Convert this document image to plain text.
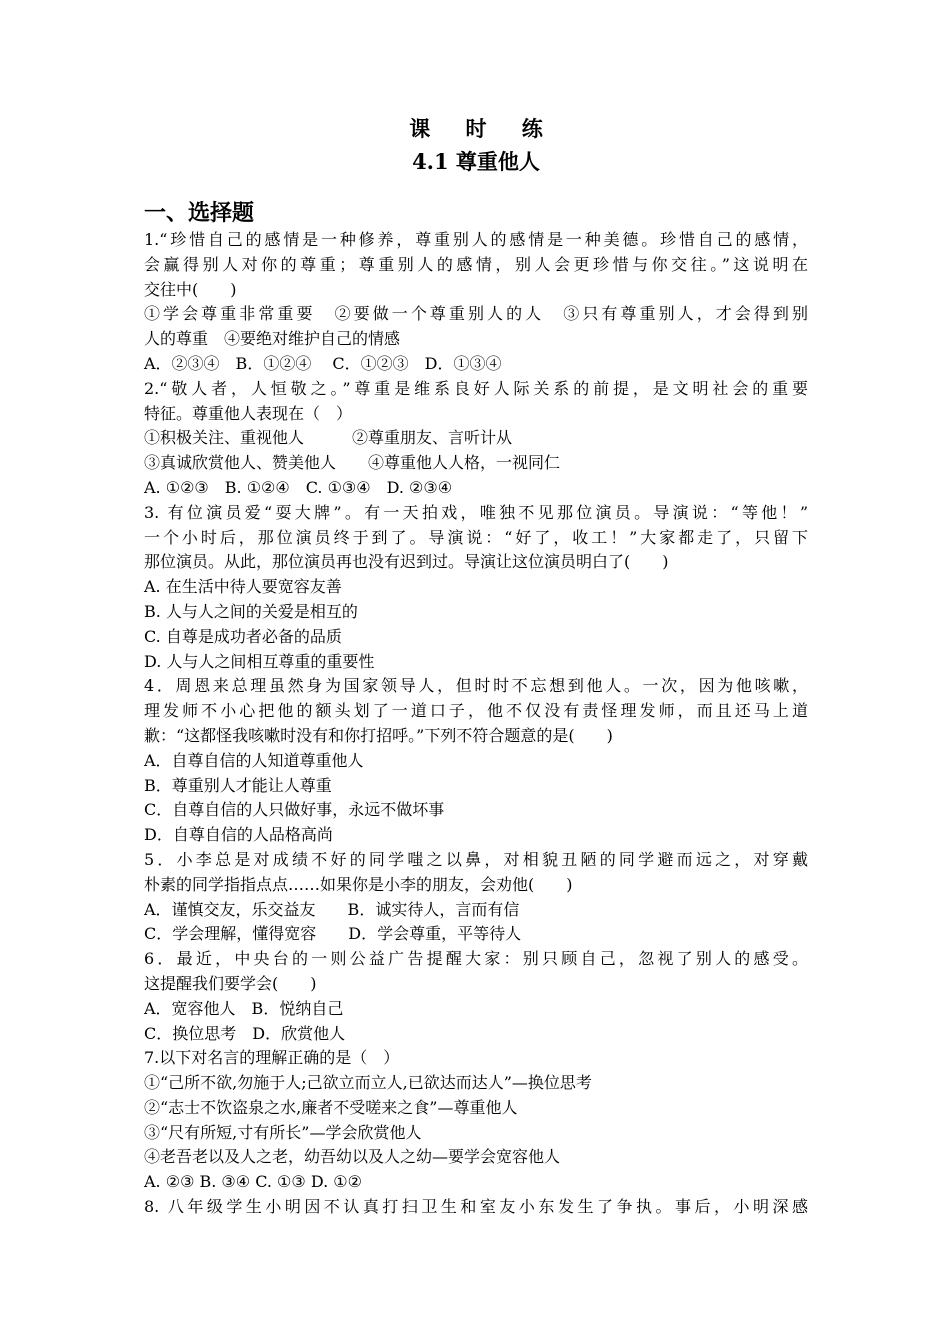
课 时 练
4.1 尊重他人
一、选择题
1.“珍惜自己的感情是一种修养，尊重别人的感情是一种美德。珍惜自己的感情，
会赢得别人对你的尊重；尊重别人的感情，别人会更珍惜与你交往。”这说明在
交往中(　　)
①学会尊重非常重要　②要做一个尊重别人的人　③只有尊重别人，才会得到别
人的尊重　④要绝对维护自己的情感
A．②③④　B．①②④　 C．①②③　D．①③④
2.“敬人者，人恒敬之。”尊重是维系良好人际关系的前提，是文明社会的重要
特征。尊重他人表现在（　）
①积极关注、重视他人　　　②尊重朋友、言听计从
③真诚欣赏他人、赞美他人　　④尊重他人人格，一视同仁
A. ①②③　B. ①②④　C. ①③④　D. ②③④
3. 有位演员爱“耍大牌”。有一天拍戏，唯独不见那位演员。导演说：“等他！”
一个小时后，那位演员终于到了。导演说：“好了，收工！”大家都走了，只留下
那位演员。从此，那位演员再也没有迟到过。导演让这位演员明白了(　　)
A. 在生活中待人要宽容友善
B. 人与人之间的关爱是相互的
C. 自尊是成功者必备的品质
D. 人与人之间相互尊重的重要性
4．周恩来总理虽然身为国家领导人，但时时不忘想到他人。一次，因为他咳嗽，
理发师不小心把他的额头划了一道口子，他不仅没有责怪理发师，而且还马上道
歉：“这都怪我咳嗽时没有和你打招呼。”下列不符合题意的是(　　)
A．自尊自信的人知道尊重他人
B．尊重别人才能让人尊重
C．自尊自信的人只做好事，永远不做坏事
D．自尊自信的人品格高尚
5．小李总是对成绩不好的同学嗤之以鼻，对相貌丑陋的同学避而远之，对穿戴
朴素的同学指指点点……如果你是小李的朋友，会劝他(　　)
A．谨慎交友，乐交益友　　B．诚实待人，言而有信
C．学会理解，懂得宽容　　D．学会尊重，平等待人
6．最近，中央台的一则公益广告提醒大家：别只顾自己，忽视了别人的感受。
这提醒我们要学会(　　)
A．宽容他人　B．悦纳自己
C．换位思考　D．欣赏他人
7.以下对名言的理解正确的是（　）
①“己所不欲,勿施于人;己欲立而立人,已欲达而达人”—换位思考
②“志士不饮盗泉之水,廉者不受嗟来之食”—尊重他人
③“尺有所短,寸有所长”—学会欣赏他人
④老吾老以及人之老，幼吾幼以及人之幼—要学会宽容他人
A. ②③ B. ③④ C. ①③ D. ①②
8. 八年级学生小明因不认真打扫卫生和室友小东发生了争执。事后，小明深感
